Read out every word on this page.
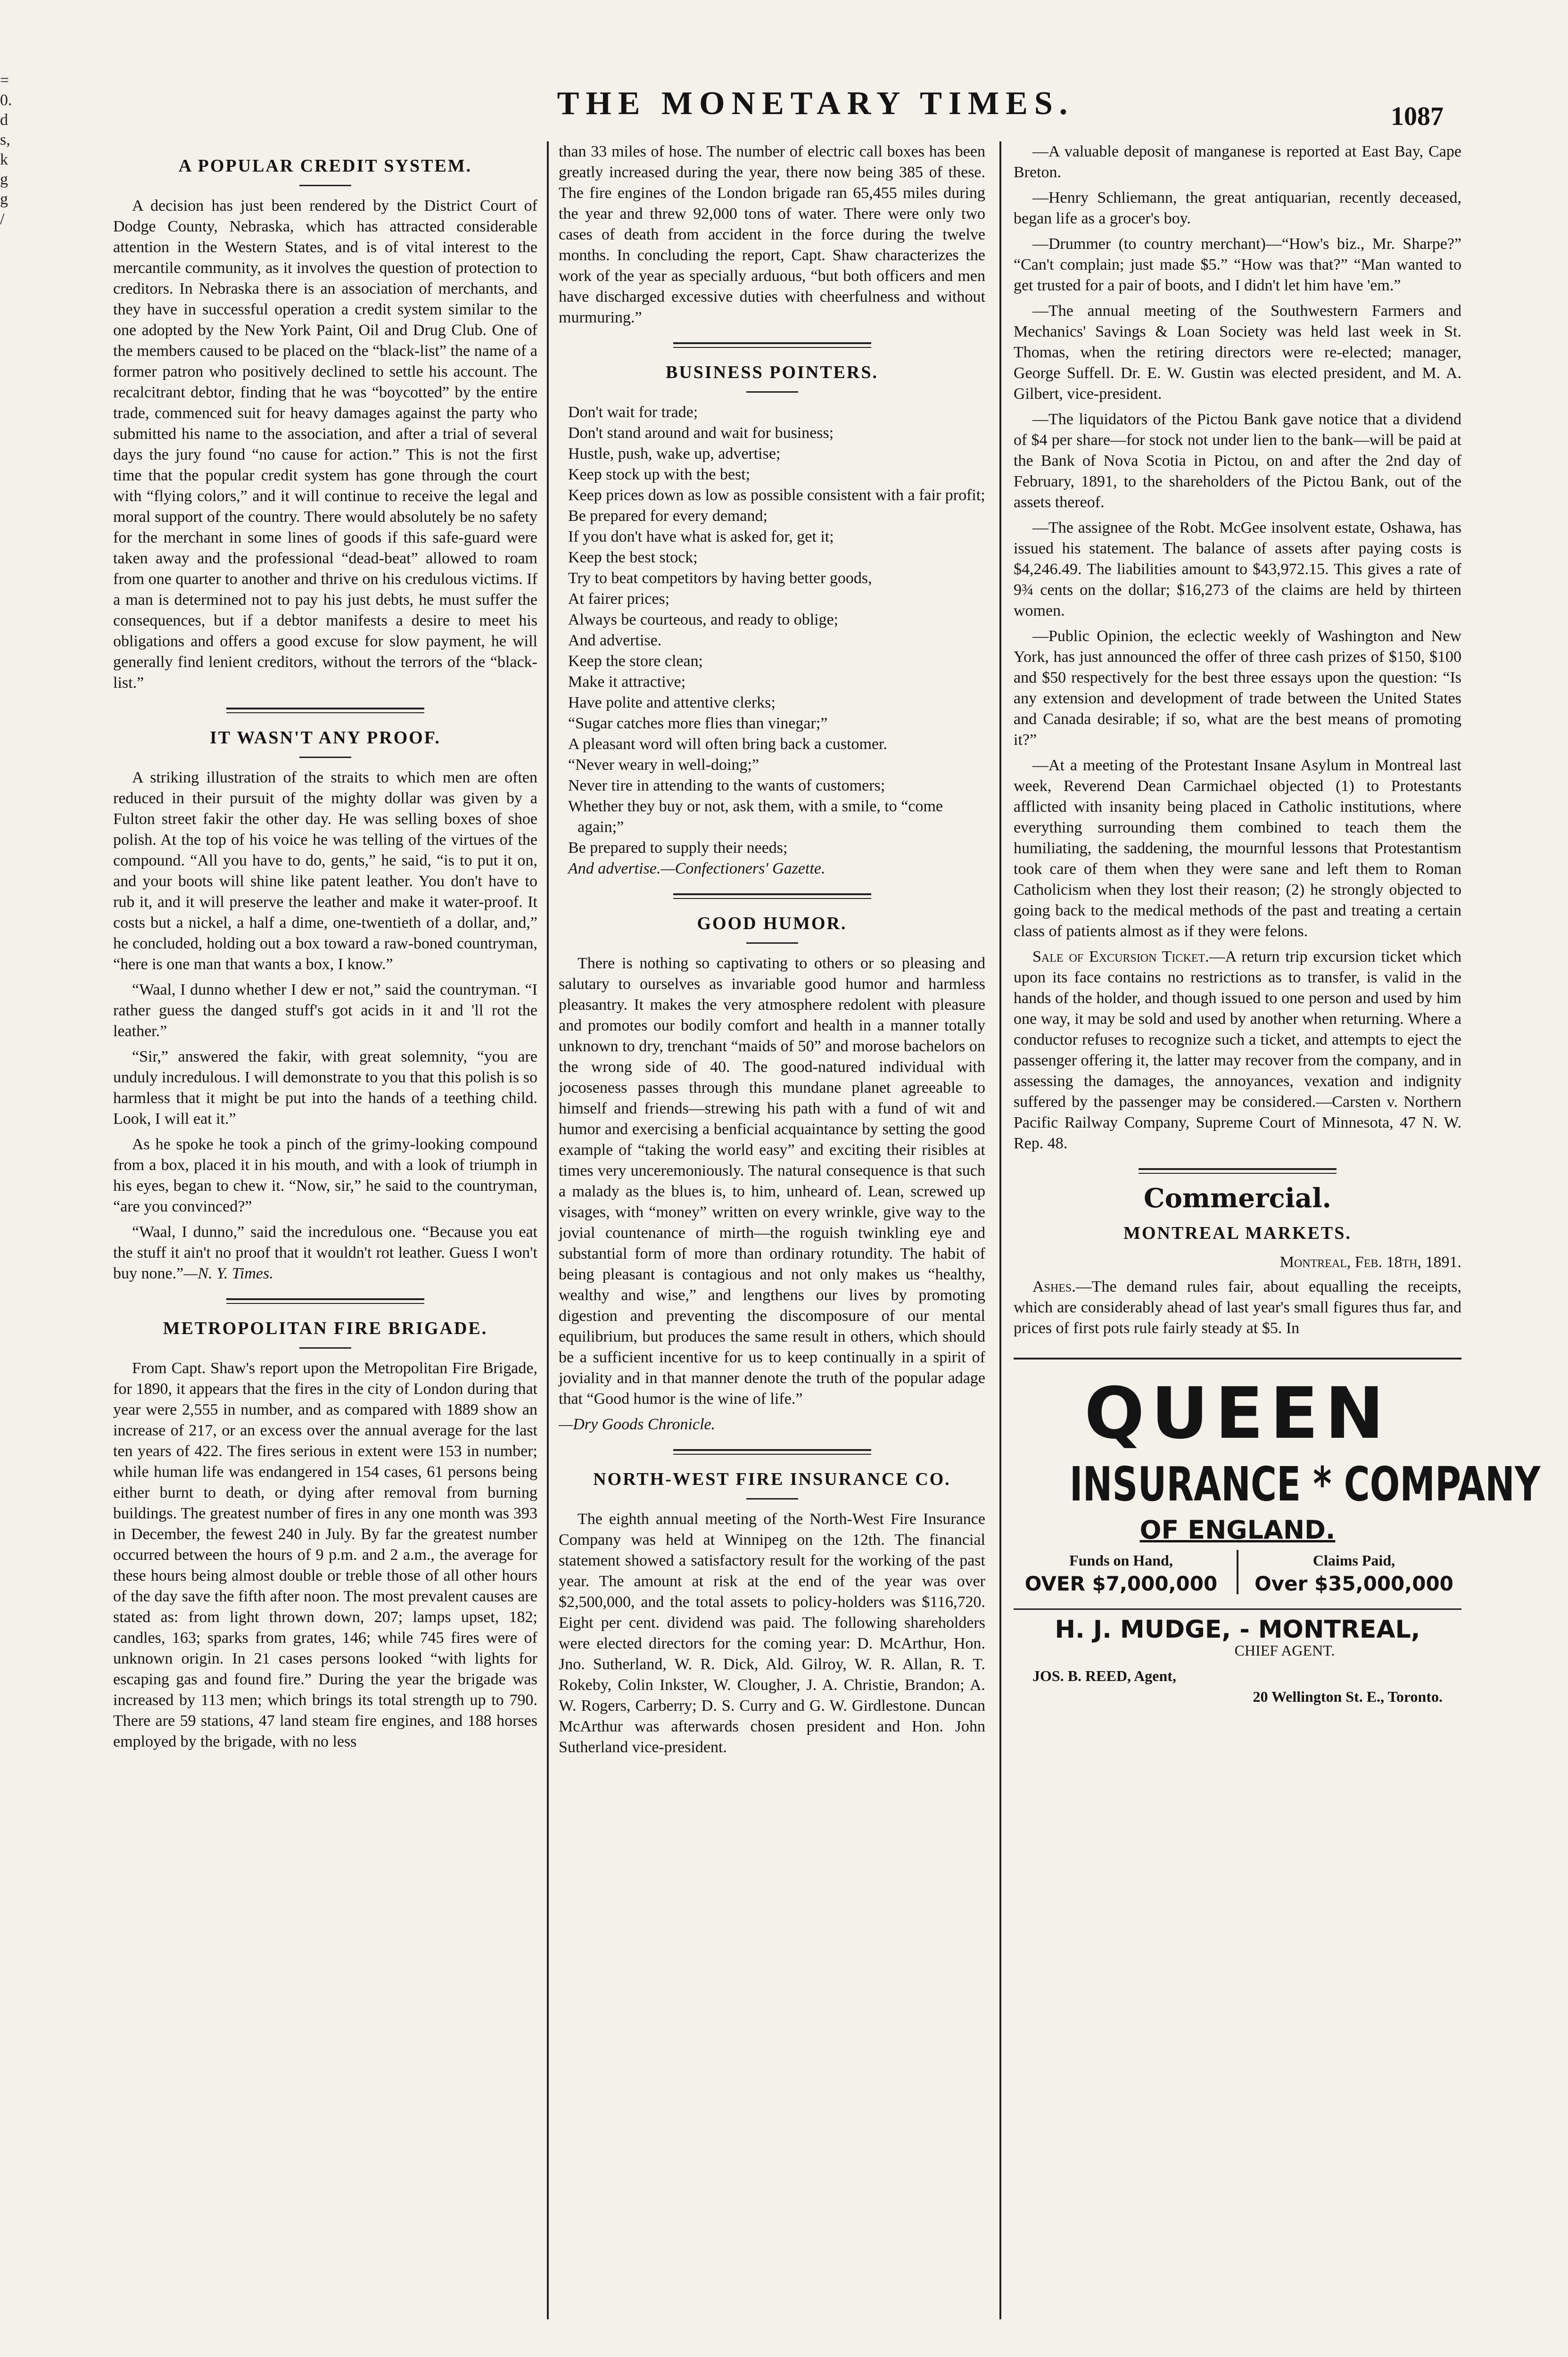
=
0.
d
s,
k
g
g
/
THE MONETARY TIMES.	1087
A POPULAR CREDIT SYSTEM.

A decision has just been rendered by the District Court of Dodge County, Nebraska, which has attracted considerable attention in the Western States, and is of vital interest to the mercantile community, as it involves the question of protection to creditors. In Nebraska there is an association of merchants, and they have in successful operation a credit system similar to the one adopted by the New York Paint, Oil and Drug Club. One of the members caused to be placed on the “black-list” the name of a former patron who positively declined to settle his account. The recalcitrant debtor, finding that he was “boycotted” by the entire trade, commenced suit for heavy damages against the party who submitted his name to the association, and after a trial of several days the jury found “no cause for action.” This is not the first time that the popular credit system has gone through the court with “flying colors,” and it will continue to receive the legal and moral support of the country. There would absolutely be no safety for the merchant in some lines of goods if this safe-guard were taken away and the professional “dead-beat” allowed to roam from one quarter to another and thrive on his credulous victims. If a man is determined not to pay his just debts, he must suffer the consequences, but if a debtor manifests a desire to meet his obligations and offers a good excuse for slow payment, he will generally find lenient creditors, without the terrors of the “black-list.”

IT WASN'T ANY PROOF.

A striking illustration of the straits to which men are often reduced in their pursuit of the mighty dollar was given by a Fulton street fakir the other day. He was selling boxes of shoe polish. At the top of his voice he was telling of the virtues of the compound. “All you have to do, gents,” he said, “is to put it on, and your boots will shine like patent leather. You don't have to rub it, and it will preserve the leather and make it water-proof. It costs but a nickel, a half a dime, one-twentieth of a dollar, and,” he concluded, holding out a box toward a raw-boned countryman, “here is one man that wants a box, I know.”

“Waal, I dunno whether I dew er not,” said the countryman. “I rather guess the danged stuff's got acids in it and 'll rot the leather.”

“Sir,” answered the fakir, with great solemnity, “you are unduly incredulous. I will demonstrate to you that this polish is so harmless that it might be put into the hands of a teething child. Look, I will eat it.”

As he spoke he took a pinch of the grimy-looking compound from a box, placed it in his mouth, and with a look of triumph in his eyes, began to chew it. “Now, sir,” he said to the countryman, “are you convinced?”

“Waal, I dunno,” said the incredulous one. “Because you eat the stuff it ain't no proof that it wouldn't rot leather. Guess I won't buy none.”—N. Y. Times.

METROPOLITAN FIRE BRIGADE.

From Capt. Shaw's report upon the Metropolitan Fire Brigade, for 1890, it appears that the fires in the city of London during that year were 2,555 in number, and as compared with 1889 show an increase of 217, or an excess over the annual average for the last ten years of 422. The fires serious in extent were 153 in number; while human life was endangered in 154 cases, 61 persons being either burnt to death, or dying after removal from burning buildings. The greatest number of fires in any one month was 393 in December, the fewest 240 in July. By far the greatest number occurred between the hours of 9 p.m. and 2 a.m., the average for these hours being almost double or treble those of all other hours of the day save the fifth after noon. The most prevalent causes are stated as: from light thrown down, 207; lamps upset, 182; candles, 163; sparks from grates, 146; while 745 fires were of unknown origin. In 21 cases persons looked “with lights for escaping gas and found fire.” During the year the brigade was increased by 113 men; which brings its total strength up to 790. There are 59 stations, 47 land steam fire engines, and 188 horses employed by the brigade, with no less

than 33 miles of hose. The number of electric call boxes has been greatly increased during the year, there now being 385 of these. The fire engines of the London brigade ran 65,455 miles during the year and threw 92,000 tons of water. There were only two cases of death from accident in the force during the twelve months. In concluding the report, Capt. Shaw characterizes the work of the year as specially arduous, “but both officers and men have discharged excessive duties with cheerfulness and without murmuring.”

BUSINESS POINTERS.
Don't wait for trade;
Don't stand around and wait for business;
Hustle, push, wake up, advertise;
Keep stock up with the best;
Keep prices down as low as possible consistent with a fair profit;
Be prepared for every demand;
If you don't have what is asked for, get it;
Keep the best stock;
Try to beat competitors by having better goods,
At fairer prices;
Always be courteous, and ready to oblige;
And advertise.
Keep the store clean;
Make it attractive;
Have polite and attentive clerks;
“Sugar catches more flies than vinegar;”
A pleasant word will often bring back a customer.
“Never weary in well-doing;”
Never tire in attending to the wants of customers;
Whether they buy or not, ask them, with a smile, to “come again;”
Be prepared to supply their needs;
And advertise.—Confectioners' Gazette.
GOOD HUMOR.

There is nothing so captivating to others or so pleasing and salutary to ourselves as invariable good humor and harmless pleasantry. It makes the very atmosphere redolent with pleasure and promotes our bodily comfort and health in a manner totally unknown to dry, trenchant “maids of 50” and morose bachelors on the wrong side of 40. The good-natured individual with jocoseness passes through this mundane planet agreeable to himself and friends—strewing his path with a fund of wit and humor and exercising a benficial acquaintance by setting the good example of “taking the world easy” and exciting their risibles at times very unceremoniously. The natural consequence is that such a malady as the blues is, to him, unheard of. Lean, screwed up visages, with “money” written on every wrinkle, give way to the jovial countenance of mirth—the roguish twinkling eye and substantial form of more than ordinary rotundity. The habit of being pleasant is contagious and not only makes us “healthy, wealthy and wise,” and lengthens our lives by promoting digestion and preventing the discomposure of our mental equilibrium, but produces the same result in others, which should be a sufficient incentive for us to keep continually in a spirit of joviality and in that manner denote the truth of the popular adage that “Good humor is the wine of life.”

—Dry Goods Chronicle.

NORTH-WEST FIRE INSURANCE CO.

The eighth annual meeting of the North-West Fire Insurance Company was held at Winnipeg on the 12th. The financial statement showed a satisfactory result for the working of the past year. The amount at risk at the end of the year was over $2,500,000, and the total assets to policy-holders was $116,720. Eight per cent. dividend was paid. The following shareholders were elected directors for the coming year: D. McArthur, Hon. Jno. Sutherland, W. R. Dick, Ald. Gilroy, W. R. Allan, R. T. Rokeby, Colin Inkster, W. Clougher, J. A. Christie, Brandon; A. W. Rogers, Carberry; D. S. Curry and G. W. Girdlestone. Duncan McArthur was afterwards chosen president and Hon. John Sutherland vice-president.

—A valuable deposit of manganese is reported at East Bay, Cape Breton.

—Henry Schliemann, the great antiquarian, recently deceased, began life as a grocer's boy.

—Drummer (to country merchant)—“How's biz., Mr. Sharpe?” “Can't complain; just made $5.” “How was that?” “Man wanted to get trusted for a pair of boots, and I didn't let him have 'em.”

—The annual meeting of the Southwestern Farmers and Mechanics' Savings & Loan Society was held last week in St. Thomas, when the retiring directors were re-elected; manager, George Suffell. Dr. E. W. Gustin was elected president, and M. A. Gilbert, vice-president.

—The liquidators of the Pictou Bank gave notice that a dividend of $4 per share—for stock not under lien to the bank—will be paid at the Bank of Nova Scotia in Pictou, on and after the 2nd day of February, 1891, to the shareholders of the Pictou Bank, out of the assets thereof.

—The assignee of the Robt. McGee insolvent estate, Oshawa, has issued his statement. The balance of assets after paying costs is $4,246.49. The liabilities amount to $43,972.15. This gives a rate of 9¾ cents on the dollar; $16,273 of the claims are held by thirteen women.

—Public Opinion, the eclectic weekly of Washington and New York, has just announced the offer of three cash prizes of $150, $100 and $50 respectively for the best three essays upon the question: “Is any extension and development of trade between the United States and Canada desirable; if so, what are the best means of promoting it?”

—At a meeting of the Protestant Insane Asylum in Montreal last week, Reverend Dean Carmichael objected (1) to Protestants afflicted with insanity being placed in Catholic institutions, where everything surrounding them combined to teach them the humiliating, the saddening, the mournful lessons that Protestantism took care of them when they were sane and left them to Roman Catholicism when they lost their reason; (2) he strongly objected to going back to the medical methods of the past and treating a certain class of patients almost as if they were felons.

Sale of Excursion Ticket.—A return trip excursion ticket which upon its face contains no restrictions as to transfer, is valid in the hands of the holder, and though issued to one person and used by him one way, it may be sold and used by another when returning. Where a conductor refuses to recognize such a ticket, and attempts to eject the passenger offering it, the latter may recover from the company, and in assessing the damages, the annoyances, vexation and indignity suffered by the passenger may be considered.—Carsten v. Northern Pacific Railway Company, Supreme Court of Minnesota, 47 N. W. Rep. 48.

Commercial.
MONTREAL MARKETS.
Montreal, Feb. 18th, 1891.

Ashes.—The demand rules fair, about equalling the receipts, which are considerably ahead of last year's small figures thus far, and prices of first pots rule fairly steady at $5. In

QUEEN
INSURANCE * COMPANY
OF ENGLAND.
Funds on Hand,
OVER $7,000,000
Claims Paid,
Over $35,000,000
H. J. MUDGE, - MONTREAL,
CHIEF AGENT.
JOS. B. REED, Agent,
20 Wellington St. E., Toronto.
